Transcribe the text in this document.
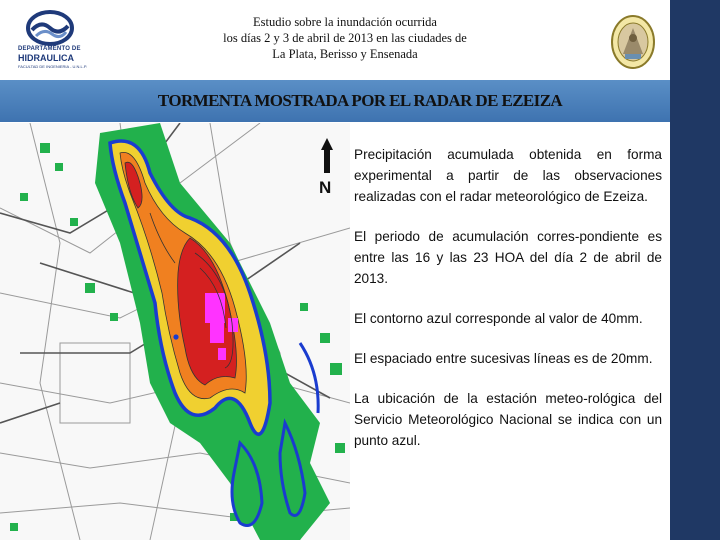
DEPARTAMENTO DE
HIDRAULICA
FACULTAD DE INGENIERIA - U.N.L.P.
Estudio sobre la inundación ocurrida
los días 2 y 3 de abril de 2013 en las ciudades de
La Plata, Berisso y Ensenada
TORMENTA MOSTRADA POR EL RADAR DE EZEIZA
N

Precipitación acumulada obtenida en forma experimental a partir de las observaciones realizadas con el radar meteorológico de Ezeiza.

El periodo de acumulación corres-pondiente es entre las 16 y las 23 HOA del día 2 de abril de 2013.

El contorno azul corresponde al valor de 40mm.

El espaciado entre sucesivas líneas es de 20mm.

La ubicación de la estación meteo-rológica del Servicio Meteorológico Nacional se indica con un punto azul.
